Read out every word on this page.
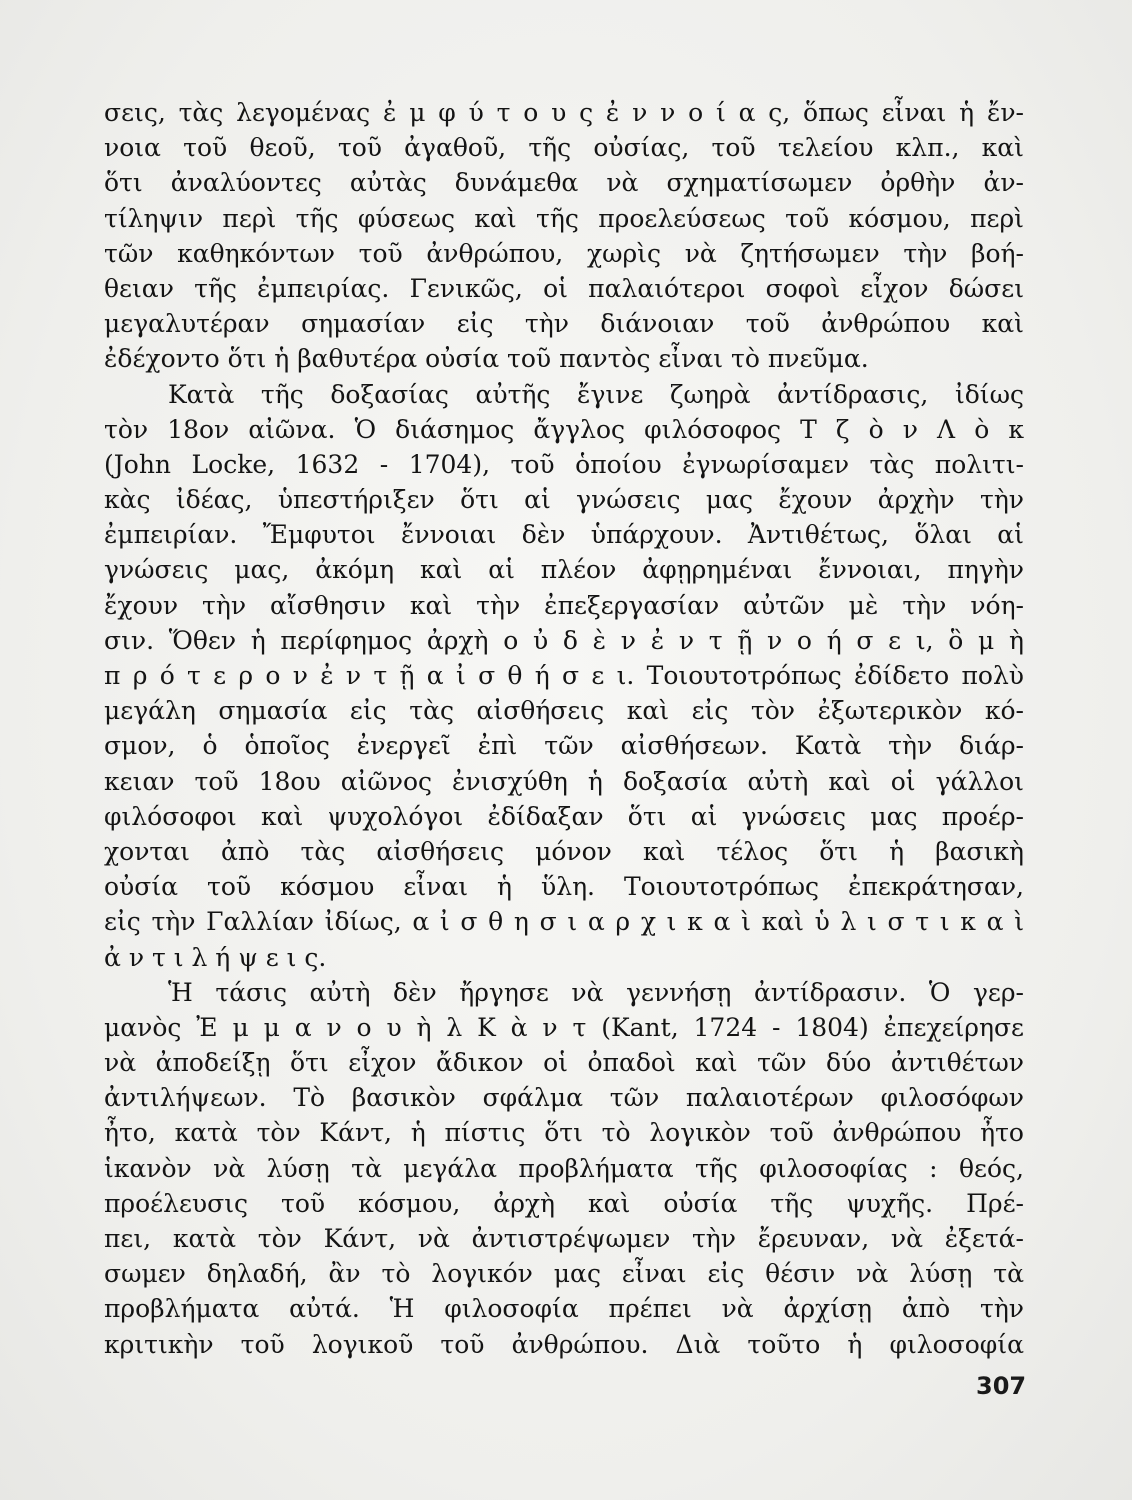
σεις, τὰς λεγομένας ἐ μ φ ύ τ ο υ ς ἐ ν ν ο ί α ς, ὅπως εἶναι ἡ ἔν-
νοια τοῦ θεοῦ, τοῦ ἀγαθοῦ, τῆς οὐσίας, τοῦ τελείου κλπ., καὶ
ὅτι ἀναλύοντες αὐτὰς δυνάμεθα νὰ σχηματίσωμεν ὀρθὴν ἀν-
τίληψιν περὶ τῆς φύσεως καὶ τῆς προελεύσεως τοῦ κόσμου, περὶ
τῶν καθηκόντων τοῦ ἀνθρώπου, χωρὶς νὰ ζητήσωμεν τὴν βοή-
θειαν τῆς ἐμπειρίας. Γενικῶς, οἱ παλαιότεροι σοφοὶ εἶχον δώσει
μεγαλυτέραν σημασίαν εἰς τὴν διάνοιαν τοῦ ἀνθρώπου καὶ
ἐδέχοντο ὅτι ἡ βαθυτέρα οὐσία τοῦ παντὸς εἶναι τὸ πνεῦμα.
Κατὰ τῆς δοξασίας αὐτῆς ἔγινε ζωηρὰ ἀντίδρασις, ἰδίως
τὸν 18ον αἰῶνα. Ὁ διάσημος ἄγγλος φιλόσοφος Τ ζ ὸ ν Λ ὸ κ
(John Locke, 1632 - 1704), τοῦ ὁποίου ἐγνωρίσαμεν τὰς πολιτι-
κὰς ἰδέας, ὑπεστήριξεν ὅτι αἱ γνώσεις μας ἔχουν ἀρχὴν τὴν
ἐμπειρίαν. Ἔμφυτοι ἔννοιαι δὲν ὑπάρχουν. Ἀντιθέτως, ὅλαι αἱ
γνώσεις μας, ἀκόμη καὶ αἱ πλέον ἀφῃρημέναι ἔννοιαι, πηγὴν
ἔχουν τὴν αἴσθησιν καὶ τὴν ἐπεξεργασίαν αὐτῶν μὲ τὴν νόη-
σιν. Ὅθεν ἡ περίφημος ἀρχὴ ο ὐ δ ὲ ν ἐ ν τ ῇ ν ο ή σ ε ι, ὃ μ ὴ
π ρ ό τ ε ρ ο ν ἐ ν τ ῇ α ἰ σ θ ή σ ε ι. Τοιουτοτρόπως ἐδίδετο πολὺ
μεγάλη σημασία εἰς τὰς αἰσθήσεις καὶ εἰς τὸν ἐξωτερικὸν κό-
σμον, ὁ ὁποῖος ἐνεργεῖ ἐπὶ τῶν αἰσθήσεων. Κατὰ τὴν διάρ-
κειαν τοῦ 18ου αἰῶνος ἐνισχύθη ἡ δοξασία αὐτὴ καὶ οἱ γάλλοι
φιλόσοφοι καὶ ψυχολόγοι ἐδίδαξαν ὅτι αἱ γνώσεις μας προέρ-
χονται ἀπὸ τὰς αἰσθήσεις μόνον καὶ τέλος ὅτι ἡ βασικὴ
οὐσία τοῦ κόσμου εἶναι ἡ ὕλη. Τοιουτοτρόπως ἐπεκράτησαν,
εἰς τὴν Γαλλίαν ἰδίως, α ἰ σ θ η σ ι α ρ χ ι κ α ὶ καὶ ὑ λ ι σ τ ι κ α ὶ
ἀ ν τ ι λ ή ψ ε ι ς.
Ἡ τάσις αὐτὴ δὲν ἤργησε νὰ γεννήσῃ ἀντίδρασιν. Ὁ γερ-
μανὸς Ἐ μ μ α ν ο υ ὴ λ Κ ὰ ν τ (Kant, 1724 - 1804) ἐπεχείρησε
νὰ ἀποδείξῃ ὅτι εἶχον ἄδικον οἱ ὀπαδοὶ καὶ τῶν δύο ἀντιθέτων
ἀντιλήψεων. Τὸ βασικὸν σφάλμα τῶν παλαιοτέρων φιλοσόφων
ἦτο, κατὰ τὸν Κάντ, ἡ πίστις ὅτι τὸ λογικὸν τοῦ ἀνθρώπου ἦτο
ἱκανὸν νὰ λύσῃ τὰ μεγάλα προβλήματα τῆς φιλοσοφίας : θεός,
προέλευσις τοῦ κόσμου, ἀρχὴ καὶ οὐσία τῆς ψυχῆς. Πρέ-
πει, κατὰ τὸν Κάντ, νὰ ἀντιστρέψωμεν τὴν ἔρευναν, νὰ ἐξετά-
σωμεν δηλαδή, ἂν τὸ λογικόν μας εἶναι εἰς θέσιν νὰ λύσῃ τὰ
προβλήματα αὐτά. Ἡ φιλοσοφία πρέπει νὰ ἀρχίσῃ ἀπὸ τὴν
κριτικὴν τοῦ λογικοῦ τοῦ ἀνθρώπου. Διὰ τοῦτο ἡ φιλοσοφία
307
